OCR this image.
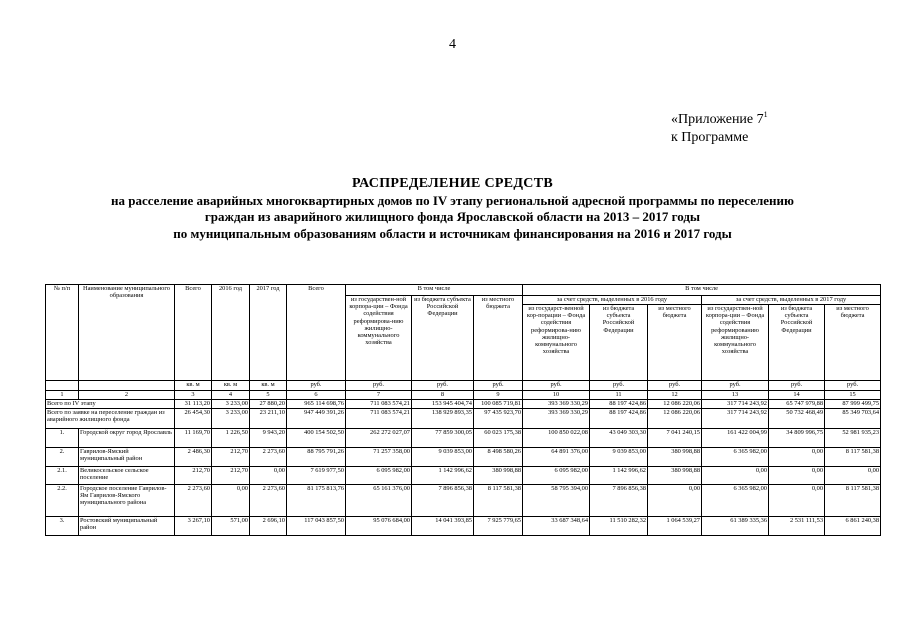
4
«Приложение $7^1$
к Программе
РАСПРЕДЕЛЕНИЕ СРЕДСТВ
на расселение аварийных многоквартирных домов по IV этапу региональной адресной программы по переселению
граждан из аварийного жилищного фонда Ярославской области на 2013 – 2017 годы
по муниципальным образованиям области и источникам финансирования на 2016 и 2017 годы
№ п/п	Наименование муниципального образования	Всего	2016 год	2017 год	Всего	В том числе			В том числе					
						из государствен-ной корпора-ции – Фонда содействия реформирова-нию жилищно-коммунального хозяйства	из бюджета субъекта Российской Федерации	из местного бюджета	за счет средств, выделенных в 2016 году			за счет средств, выделенных в 2017 году		
									из государст-венной кор-порации – Фонда содействия реформирова-нию жилищно-коммунального хозяйства	из бюджета субъекта Российской Федерации	из местного бюджета	из государствен-ной корпора-ции – Фонда содействия реформированию жилищно-коммунального хозяйства	из бюджета субъекта Российской Федерации	из местного бюджета
		кв. м	кв. м	кв. м	руб.	руб.	руб.	руб.	руб.	руб.	руб.	руб.	руб.	руб.
1	2	3	4	5	6	7	8	9	10	11	12	13	14	15
Всего по IV этапу		31 113,20	3 233,00	27 880,20	965 114 698,76	711 083 574,21	153 945 404,74	100 085 719,81	393 369 330,29	88 197 424,86	12 086 220,06	317 714 243,92	65 747 979,88	87 999 499,75
Всего по заявке на переселение граждан из аварийного жилищного фонда		26 454,30	3 233,00	23 211,10	947 449 391,26	711 083 574,21	138 929 893,35	97 435 923,70	393 369 330,29	88 197 424,86	12 086 220,06	317 714 243,92	50 732 468,49	85 349 703,64
1.	Городской округ город Ярославль	11 169,70	1 226,50	9 943,20	400 154 502,50	262 272 027,07	77 859 300,05	60 023 175,38	100 850 022,08	43 049 303,30	7 041 240,15	161 422 004,99	34 809 996,75	52 981 935,23
2.	Гаврилов-Ямский муниципальный район	2 486,30	212,70	2 273,60	88 795 791,26	71 257 358,00	9 039 853,00	8 498 580,26	64 891 376,00	9 039 853,00	380 998,88	6 365 982,00	0,00	8 117 581,38
2.1.	Великосельское сельское поселение	212,70	212,70	0,00	7 619 977,50	6 095 982,00	1 142 996,62	380 998,88	6 095 982,00	1 142 996,62	380 998,88	0,00	0,00	0,00
2.2.	Городское поселение Гаврилов-Ям Гаврилов-Ямского муниципального района	2 273,60	0,00	2 273,60	81 175 813,76	65 161 376,00	7 896 856,38	8 117 581,38	58 795 394,00	7 896 856,38	0,00	6 365 982,00	0,00	8 117 581,38
3.	Ростовский муниципальный район	3 267,10	571,00	2 696,10	117 043 857,50	95 076 684,00	14 041 393,85	7 925 779,65	33 687 348,64	11 510 282,32	1 064 539,27	61 389 335,36	2 531 111,53	6 861 240,38
